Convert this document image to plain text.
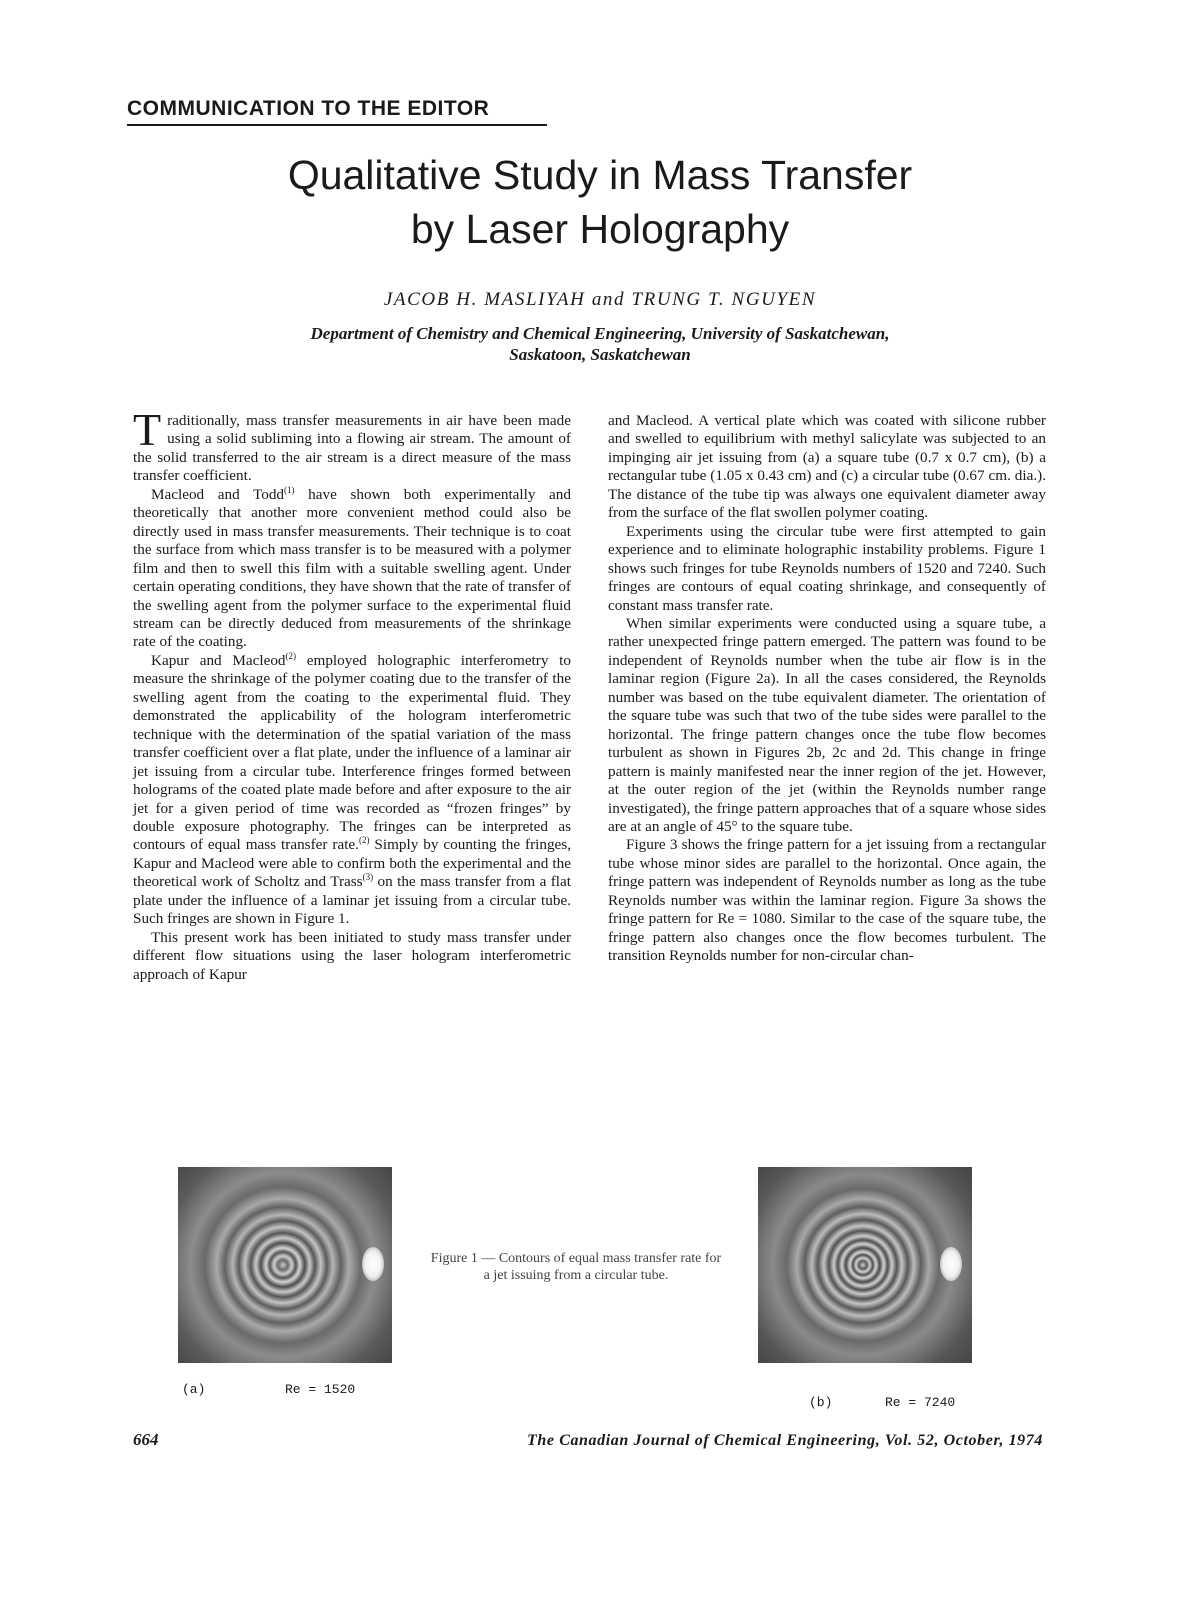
COMMUNICATION TO THE EDITOR
Qualitative Study in Mass Transfer
by Laser Holography
JACOB H. MASLIYAH and TRUNG T. NGUYEN
Department of Chemistry and Chemical Engineering, University of Saskatchewan,
Saskatoon, Saskatchewan

Traditionally, mass transfer measurements in air have been made using a solid subliming into a flowing air stream. The amount of the solid transferred to the air stream is a direct measure of the mass transfer coefficient.

Macleod and Todd$^{(1)}$ have shown both experimentally and theoretically that another more convenient method could also be directly used in mass transfer measurements. Their technique is to coat the surface from which mass transfer is to be measured with a polymer film and then to swell this film with a suitable swelling agent. Under certain operating conditions, they have shown that the rate of transfer of the swelling agent from the polymer surface to the experimental fluid stream can be directly deduced from measurements of the shrinkage rate of the coating.

Kapur and Macleod$^{(2)}$ employed holographic interferometry to measure the shrinkage of the polymer coating due to the transfer of the swelling agent from the coating to the experimental fluid. They demonstrated the applicability of the hologram interferometric technique with the determination of the spatial variation of the mass transfer coefficient over a flat plate, under the influence of a laminar air jet issuing from a circular tube. Interference fringes formed between holograms of the coated plate made before and after exposure to the air jet for a given period of time was recorded as “frozen fringes” by double exposure photography. The fringes can be interpreted as contours of equal mass transfer rate.$^{(2)}$ Simply by counting the fringes, Kapur and Macleod were able to confirm both the experimental and the theoretical work of Scholtz and Trass$^{(3)}$ on the mass transfer from a flat plate under the influence of a laminar jet issuing from a circular tube. Such fringes are shown in Figure 1.

This present work has been initiated to study mass transfer under different flow situations using the laser hologram interferometric approach of Kapur

and Macleod. A vertical plate which was coated with silicone rubber and swelled to equilibrium with methyl salicylate was subjected to an impinging air jet issuing from (a) a square tube (0.7 x 0.7 cm), (b) a rectangular tube (1.05 x 0.43 cm) and (c) a circular tube (0.67 cm. dia.). The distance of the tube tip was always one equivalent diameter away from the surface of the flat swollen polymer coating.

Experiments using the circular tube were first attempted to gain experience and to eliminate holographic instability problems. Figure 1 shows such fringes for tube Reynolds numbers of 1520 and 7240. Such fringes are contours of equal coating shrinkage, and consequently of constant mass transfer rate.

When similar experiments were conducted using a square tube, a rather unexpected fringe pattern emerged. The pattern was found to be independent of Reynolds number when the tube air flow is in the laminar region (Figure 2a). In all the cases considered, the Reynolds number was based on the tube equivalent diameter. The orientation of the square tube was such that two of the tube sides were parallel to the horizontal. The fringe pattern changes once the tube flow becomes turbulent as shown in Figures 2b, 2c and 2d. This change in fringe pattern is mainly manifested near the inner region of the jet. However, at the outer region of the jet (within the Reynolds number range investigated), the fringe pattern approaches that of a square whose sides are at an angle of 45° to the square tube.

Figure 3 shows the fringe pattern for a jet issuing from a rectangular tube whose minor sides are parallel to the horizontal. Once again, the fringe pattern was independent of Reynolds number as long as the tube Reynolds number was within the laminar region. Figure 3a shows the fringe pattern for Re = 1080. Similar to the case of the square tube, the fringe pattern also changes once the flow becomes turbulent. The transition Reynolds number for non-circular chan-

Figure 1 — Contours of equal mass transfer rate for a jet issuing from a circular tube.
(a)	Re = 1520
(b)	Re = 7240
664	The Canadian Journal of Chemical Engineering, Vol. 52, October, 1974
